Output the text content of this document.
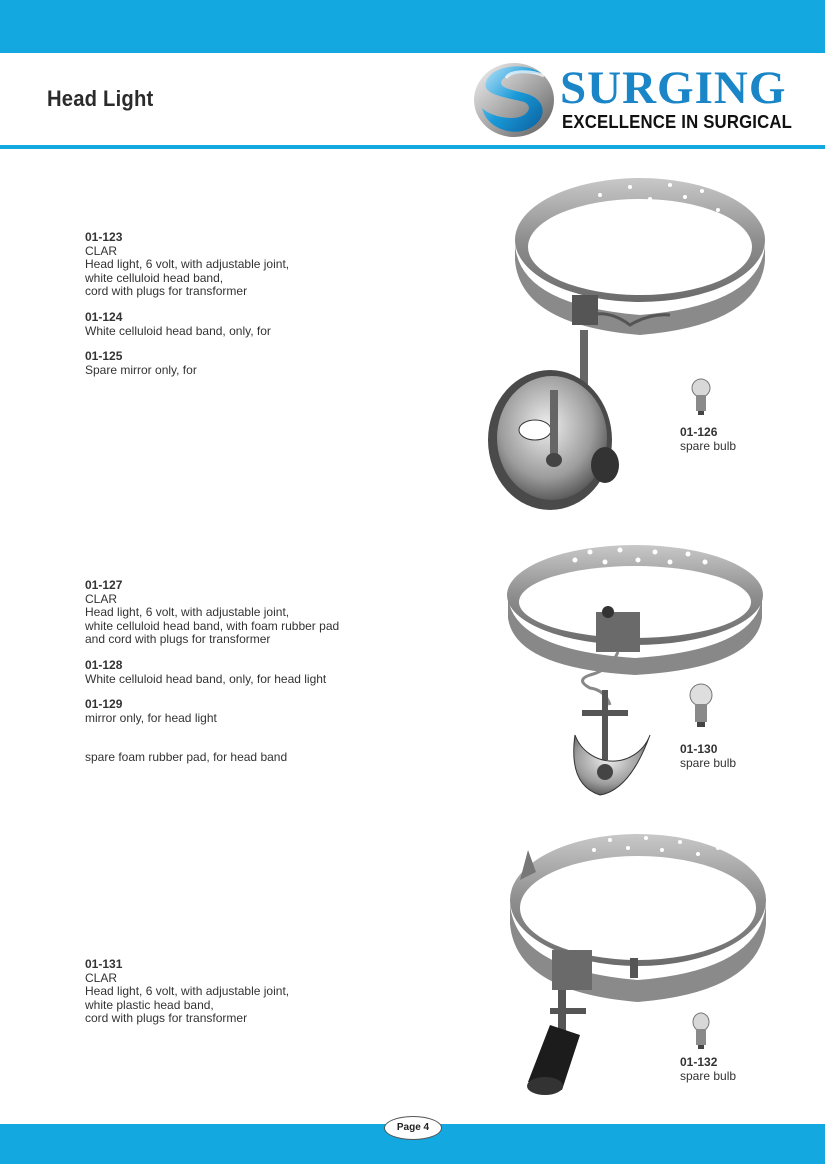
Head Light	SURGING
EXCELLENCE IN SURGICAL
01-123
CLAR
Head light, 6 volt, with adjustable joint,
white celluloid head band,
cord with plugs for transformer
01-124
White celluloid head band, only, for
01-125
Spare mirror only, for
01-126
spare bulb
01-127
CLAR
Head light, 6 volt, with adjustable joint,
white celluloid head band, with foam rubber pad
and cord with plugs for transformer
01-128
White celluloid head band, only, for head light
01-129
mirror only, for head light
spare foam rubber pad, for head band
01-130
spare bulb
01-131
CLAR
Head light, 6 volt, with adjustable joint,
white plastic head band,
cord with plugs for transformer
01-132
spare bulb
Page 4
